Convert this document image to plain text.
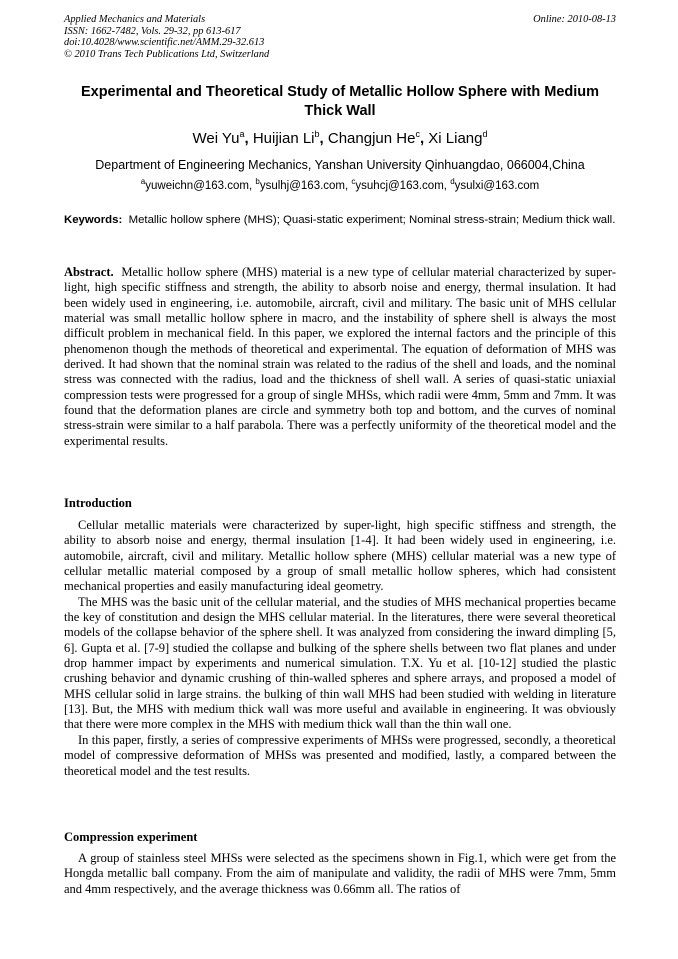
Applied Mechanics and Materials
ISSN: 1662-7482, Vols. 29-32, pp 613-617
doi:10.4028/www.scientific.net/AMM.29-32.613
© 2010 Trans Tech Publications Ltd, Switzerland
Online: 2010-08-13
Experimental and Theoretical Study of Metallic Hollow Sphere with Medium Thick Wall
Wei Yu$^a$, Huijian Li$^b$, Changjun He$^c$, Xi Liang$^d$
Department of Engineering Mechanics, Yanshan University Qinhuangdao, 066004,China
$^a$yuweichn@163.com, $^b$ysulhj@163.com, $^c$ysuhcj@163.com, $^d$ysulxi@163.com
Keywords: Metallic hollow sphere (MHS); Quasi-static experiment; Nominal stress-strain; Medium thick wall.
Abstract. Metallic hollow sphere (MHS) material is a new type of cellular material characterized by super-light, high specific stiffness and strength, the ability to absorb noise and energy, thermal insulation. It had been widely used in engineering, i.e. automobile, aircraft, civil and military. The basic unit of MHS cellular material was small metallic hollow sphere in macro, and the instability of sphere shell is always the most difficult problem in mechanical field. In this paper, we explored the internal factors and the principle of this phenomenon though the methods of theoretical and experimental. The equation of deformation of MHS was derived. It had shown that the nominal strain was related to the radius of the shell and loads, and the nominal stress was connected with the radius, load and the thickness of shell wall. A series of quasi-static uniaxial compression tests were progressed for a group of single MHSs, which radii were 4mm, 5mm and 7mm. It was found that the deformation planes are circle and symmetry both top and bottom, and the curves of nominal stress-strain were similar to a half parabola. There was a perfectly uniformity of the theoretical model and the experimental results.
Introduction

Cellular metallic materials were characterized by super-light, high specific stiffness and strength, the ability to absorb noise and energy, thermal insulation [1-4]. It had been widely used in engineering, i.e. automobile, aircraft, civil and military. Metallic hollow sphere (MHS) cellular material was a new type of cellular metallic material composed by a group of small metallic hollow spheres, which had consistent mechanical properties and easily manufacturing ideal geometry.

The MHS was the basic unit of the cellular material, and the studies of MHS mechanical properties became the key of constitution and design the MHS cellular material. In the literatures, there were several theoretical models of the collapse behavior of the sphere shell. It was analyzed from considering the inward dimpling [5, 6]. Gupta et al. [7-9] studied the collapse and bulking of the sphere shells between two flat planes and under drop hammer impact by experiments and numerical simulation. T.X. Yu et al. [10-12] studied the plastic crushing behavior and dynamic crushing of thin-walled spheres and sphere arrays, and proposed a model of MHS cellular solid in large strains. the bulking of thin wall MHS had been studied with welding in literature [13]. But, the MHS with medium thick wall was more useful and available in engineering. It was obviously that there were more complex in the MHS with medium thick wall than the thin wall one.

In this paper, firstly, a series of compressive experiments of MHSs were progressed, secondly, a theoretical model of compressive deformation of MHSs was presented and modified, lastly, a compared between the theoretical model and the test results.

Compression experiment

A group of stainless steel MHSs were selected as the specimens shown in Fig.1, which were get from the Hongda metallic ball company. From the aim of manipulate and validity, the radii of MHS were 7mm, 5mm and 4mm respectively, and the average thickness was 0.66mm all. The ratios of
